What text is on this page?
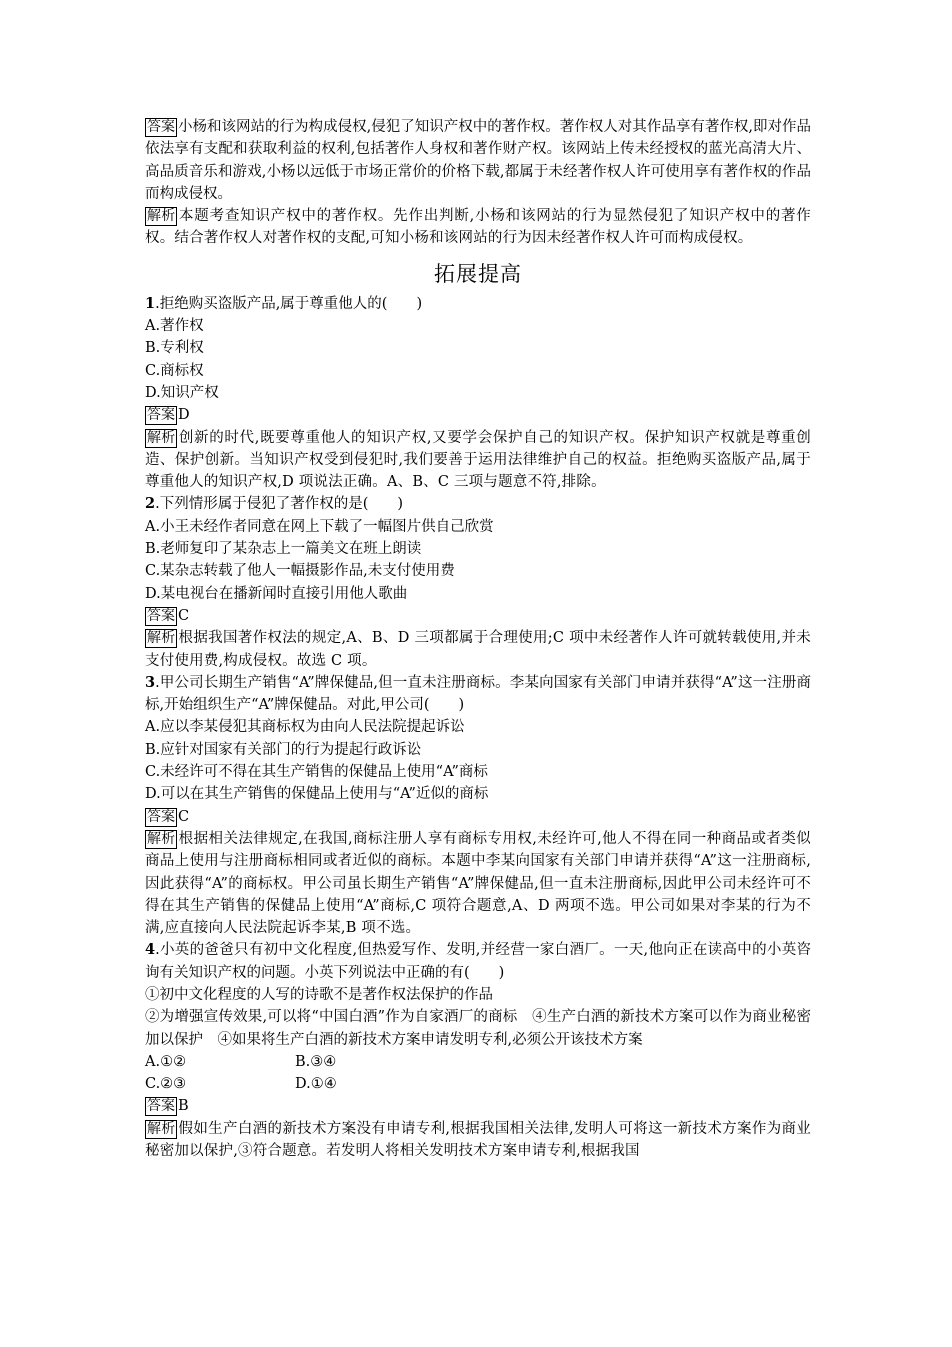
答案 小杨和该网站的行为构成侵权,侵犯了知识产权中的著作权。著作权人对其作品享有著作权,即对作品依法享有支配和获取利益的权利,包括著作人身权和著作财产权。该网站上传未经授权的蓝光高清大片、高品质音乐和游戏,小杨以远低于市场正常价的价格下载,都属于未经著作权人许可使用享有著作权的作品而构成侵权。

解析 本题考查知识产权中的著作权。先作出判断,小杨和该网站的行为显然侵犯了知识产权中的著作权。结合著作权人对著作权的支配,可知小杨和该网站的行为因未经著作权人许可而构成侵权。

拓展提高

1.拒绝购买盗版产品,属于尊重他人的(　　)

A.著作权

B.专利权

C.商标权

D.知识产权

答案 D

解析 创新的时代,既要尊重他人的知识产权,又要学会保护自己的知识产权。保护知识产权就是尊重创造、保护创新。当知识产权受到侵犯时,我们要善于运用法律维护自己的权益。拒绝购买盗版产品,属于尊重他人的知识产权,D 项说法正确。A、B、C 三项与题意不符,排除。

2.下列情形属于侵犯了著作权的是(　　)

A.小王未经作者同意在网上下载了一幅图片供自己欣赏

B.老师复印了某杂志上一篇美文在班上朗读

C.某杂志转载了他人一幅摄影作品,未支付使用费

D.某电视台在播新闻时直接引用他人歌曲

答案 C

解析 根据我国著作权法的规定,A、B、D 三项都属于合理使用;C 项中未经著作人许可就转载使用,并未支付使用费,构成侵权。故选 C 项。

3.甲公司长期生产销售“A”牌保健品,但一直未注册商标。李某向国家有关部门申请并获得“A”这一注册商标,开始组织生产“A”牌保健品。对此,甲公司(　　)

A.应以李某侵犯其商标权为由向人民法院提起诉讼

B.应针对国家有关部门的行为提起行政诉讼

C.未经许可不得在其生产销售的保健品上使用“A”商标

D.可以在其生产销售的保健品上使用与“A”近似的商标

答案 C

解析 根据相关法律规定,在我国,商标注册人享有商标专用权,未经许可,他人不得在同一种商品或者类似商品上使用与注册商标相同或者近似的商标。本题中李某向国家有关部门申请并获得“A”这一注册商标,因此获得“A”的商标权。甲公司虽长期生产销售“A”牌保健品,但一直未注册商标,因此甲公司未经许可不得在其生产销售的保健品上使用“A”商标,C 项符合题意,A、D 两项不选。甲公司如果对李某的行为不满,应直接向人民法院起诉李某,B 项不选。

4.小英的爸爸只有初中文化程度,但热爱写作、发明,并经营一家白酒厂。一天,他向正在读高中的小英咨询有关知识产权的问题。小英下列说法中正确的有(　　)

①初中文化程度的人写的诗歌不是著作权法保护的作品

②为增强宣传效果,可以将“中国白酒”作为自家酒厂的商标　④生产白酒的新技术方案可以作为商业秘密加以保护　④如果将生产白酒的新技术方案申请发明专利,必须公开该技术方案

A.①②	B.③④
C.②③	D.①④

答案 B

解析 假如生产白酒的新技术方案没有申请专利,根据我国相关法律,发明人可将这一新技术方案作为商业秘密加以保护,③符合题意。若发明人将相关发明技术方案申请专利,根据我国
